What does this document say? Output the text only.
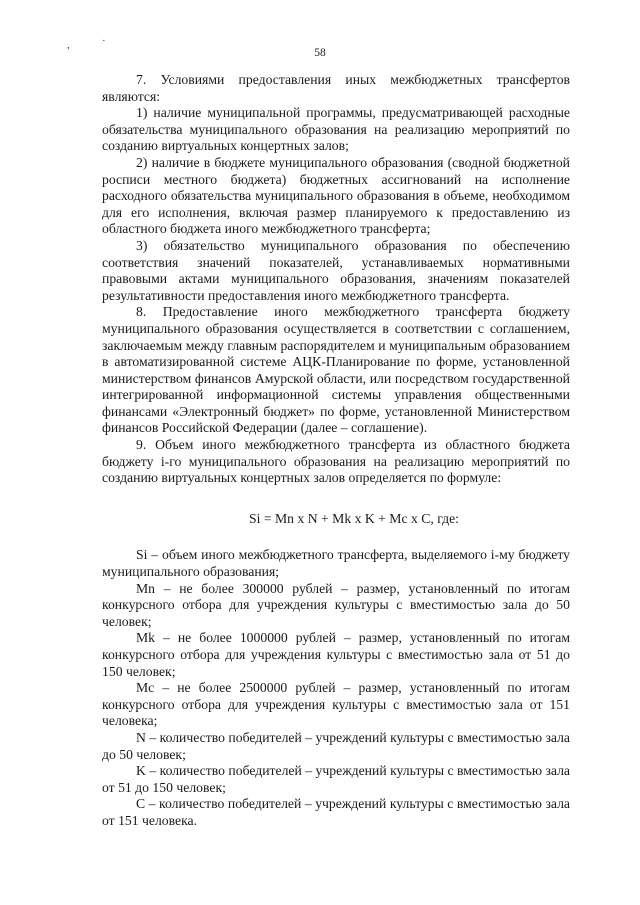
,	·
58

7. Условиями предоставления иных межбюджетных трансфертов являются:

1) наличие муниципальной программы, предусматривающей расходные обязательства муниципального образования на реализацию мероприятий по созданию виртуальных концертных залов;

2) наличие в бюджете муниципального образования (сводной бюджетной росписи местного бюджета) бюджетных ассигнований на исполнение расходного обязательства муниципального образования в объеме, необходимом для его исполнения, включая размер планируемого к предоставлению из областного бюджета иного межбюджетного трансферта;

3) обязательство муниципального образования по обеспечению соответствия значений показателей, устанавливаемых нормативными правовыми актами муниципального образования, значениям показателей результативности предоставления иного межбюджетного трансферта.

8. Предоставление иного межбюджетного трансферта бюджету муниципального образования осуществляется в соответствии с соглашением, заключаемым между главным распорядителем и муниципальным образованием в автоматизированной системе АЦК-Планирование по форме, установленной министерством финансов Амурской области, или посредством государственной интегрированной информационной системы управления общественными финансами «Электронный бюджет» по форме, установленной Министерством финансов Российской Федерации (далее – соглашение).

9. Объем иного межбюджетного трансферта из областного бюджета бюджету i-го муниципального образования на реализацию мероприятий по созданию виртуальных концертных залов определяется по формуле:

Si = Mn x N + Mk x K + Mc x C, где:

Si – объем иного межбюджетного трансферта, выделяемого i-му бюджету муниципального образования;

Mn – не более 300000 рублей – размер, установленный по итогам конкурсного отбора для учреждения культуры с вместимостью зала до 50 человек;

Mk – не более 1000000 рублей – размер, установленный по итогам конкурсного отбора для учреждения культуры с вместимостью зала от 51 до 150 человек;

Mc – не более 2500000 рублей – размер, установленный по итогам конкурсного отбора для учреждения культуры с вместимостью зала от 151 человека;

N – количество победителей – учреждений культуры с вместимостью зала до 50 человек;

K – количество победителей – учреждений культуры с вместимостью зала от 51 до 150 человек;

C – количество победителей – учреждений культуры с вместимостью зала от 151 человека.
